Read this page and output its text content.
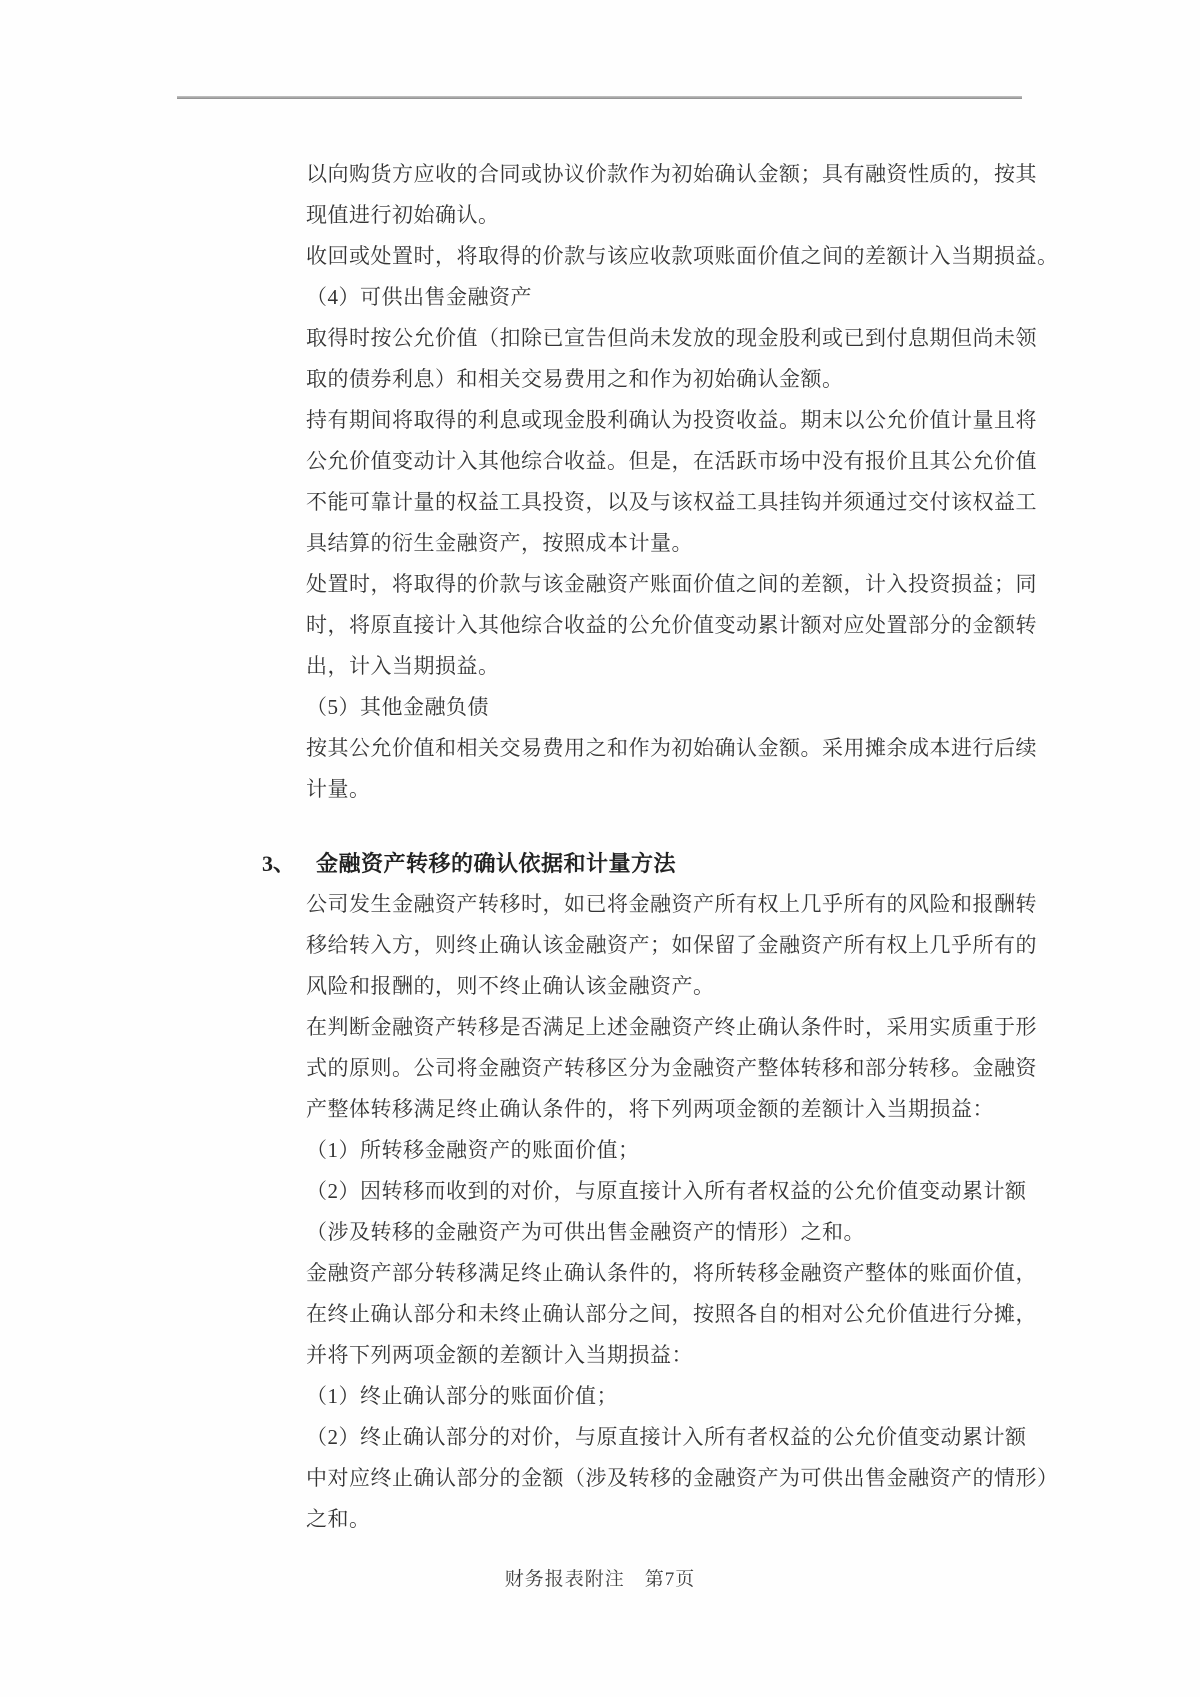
以向购货方应收的合同或协议价款作为初始确认金额；具有融资性质的，按其
现值进行初始确认。
收回或处置时，将取得的价款与该应收款项账面价值之间的差额计入当期损益。
（4）可供出售金融资产
取得时按公允价值（扣除已宣告但尚未发放的现金股利或已到付息期但尚未领
取的债券利息）和相关交易费用之和作为初始确认金额。
持有期间将取得的利息或现金股利确认为投资收益。期末以公允价值计量且将
公允价值变动计入其他综合收益。但是，在活跃市场中没有报价且其公允价值
不能可靠计量的权益工具投资，以及与该权益工具挂钩并须通过交付该权益工
具结算的衍生金融资产，按照成本计量。
处置时，将取得的价款与该金融资产账面价值之间的差额，计入投资损益；同
时，将原直接计入其他综合收益的公允价值变动累计额对应处置部分的金额转
出，计入当期损益。
（5）其他金融负债
按其公允价值和相关交易费用之和作为初始确认金额。采用摊余成本进行后续
计量。
3、 金融资产转移的确认依据和计量方法
公司发生金融资产转移时，如已将金融资产所有权上几乎所有的风险和报酬转
移给转入方，则终止确认该金融资产；如保留了金融资产所有权上几乎所有的
风险和报酬的，则不终止确认该金融资产。
在判断金融资产转移是否满足上述金融资产终止确认条件时，采用实质重于形
式的原则。公司将金融资产转移区分为金融资产整体转移和部分转移。金融资
产整体转移满足终止确认条件的，将下列两项金额的差额计入当期损益：
（1）所转移金融资产的账面价值；
（2）因转移而收到的对价，与原直接计入所有者权益的公允价值变动累计额
（涉及转移的金融资产为可供出售金融资产的情形）之和。
金融资产部分转移满足终止确认条件的，将所转移金融资产整体的账面价值，
在终止确认部分和未终止确认部分之间，按照各自的相对公允价值进行分摊，
并将下列两项金额的差额计入当期损益：
（1）终止确认部分的账面价值；
（2）终止确认部分的对价，与原直接计入所有者权益的公允价值变动累计额
中对应终止确认部分的金额（涉及转移的金融资产为可供出售金融资产的情形）
之和。
财务报表附注　第7页
